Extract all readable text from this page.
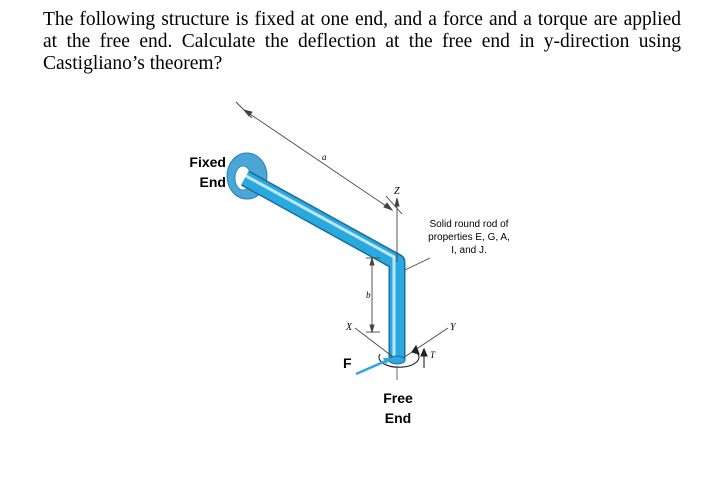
The following structure is fixed at one end, and a force and a torque are applied at the free end. Calculate the deflection at the free end in y-direction using Castigliano’s theorem?

a
Z
b
Y
X
T
Fixed
End
Free
End
F
Solid round rod of
properties E, G, A,
I, and J.
